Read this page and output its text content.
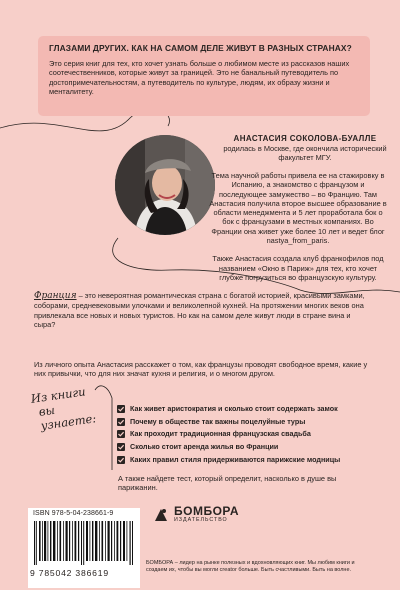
ГЛАЗАМИ ДРУГИХ. КАК НА САМОМ ДЕЛЕ ЖИВУТ В РАЗНЫХ СТРАНАХ?
Это серия книг для тех, кто хочет узнать больше о любимом месте из рассказов наших соотечественников, которые живут за границей. Это не банальный путеводитель по достопримечательностям, а путеводитель по культуре, людям, их образу жизни и менталитету.
АНАСТАСИЯ СОКОЛОВА-БУАЛЛЕ
родилась в Москве, где окончила исторический факультет МГУ.

Тема научной работы привела ее на стажировку в Испанию, а знакомство с французом и последующее замужество – во Францию. Там Анастасия получила второе высшее образование в области менеджмента и 5 лет проработала бок о бок с французами в местных компаниях. Во Франции она живет уже более 10 лет и ведет блог nastya_from_paris.

Также Анастасия создала клуб франкофилов под названием «Окно в Париж» для тех, кто хочет глубже погрузиться во французскую культуру.

Франция – это невероятная романтическая страна с богатой историей, красивыми замками, соборами, средневековыми улочками и великолепной кухней. На протяжении многих веков она привлекала все новых и новых туристов. Но как на самом деле живут люди в стране вина и сыра?
Из личного опыта Анастасия расскажет о том, как французы проводят свободное время, какие у них привычки, что для них значат кухня и религия, и о многом другом.
Из книги
вы узнаете:
Как живет аристократия и сколько стоит содержать замок
Почему в обществе так важны поцелуйные туры
Как проходит традиционная французская свадьба
Сколько стоит аренда жилья во Франции
Каких правил стиля придерживаются парижские модницы
А также найдете тест, который определит, насколько в душе вы парижанин.
ISBN 978-5-04-238661-9
9 785042 386619
БОМБОРА
ИЗДАТЕЛЬСТВО
БОМБОРА – лидер на рынке полезных и вдохновляющих книг. Мы любим книги и создаем их, чтобы вы могли creator больше. Быть счастливыми. Быть на волне.
